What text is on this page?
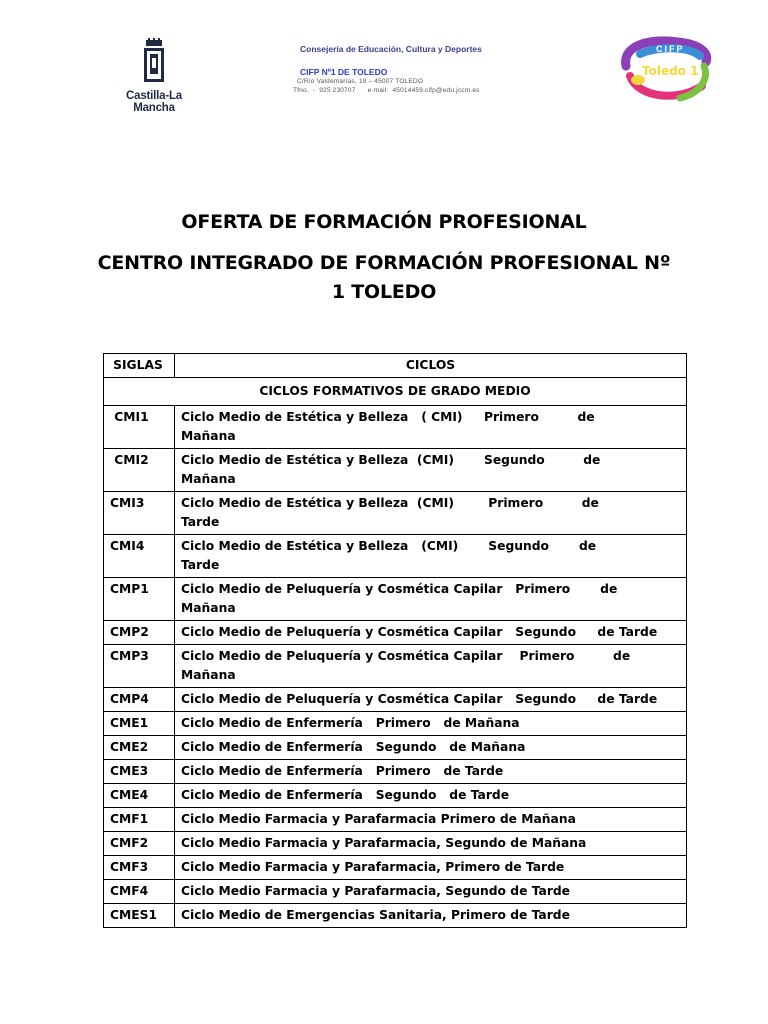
Castilla-La Mancha
Consejería de Educación, Cultura y Deportes
CIFP Nº1 DE TOLEDO
C/Río Valdemarías, 19 – 45007 TOLEDO
Tfno.  -  925 230707      e-mail:  45014459.cifp@edu.jccm.es
CIFP
Toledo 1
OFERTA DE FORMACIÓN PROFESIONAL
CENTRO INTEGRADO DE FORMACIÓN PROFESIONAL Nº
1 TOLEDO
SIGLAS	CICLOS
CICLOS FORMATIVOS DE GRADO MEDIO	
CMI1	Ciclo Medio de Estética y Belleza   ( CMI)     Primero         de          Mañana
CMI2	Ciclo Medio de Estética y Belleza  (CMI)       Segundo         de          Mañana
CMI3	Ciclo Medio de Estética y Belleza  (CMI)        Primero         de           Tarde
CMI4	Ciclo Medio de Estética y Belleza   (CMI)       Segundo       de             Tarde
CMP1	Ciclo Medio de Peluquería y Cosmética Capilar   Primero       de
Mañana
CMP2	Ciclo Medio de Peluquería y Cosmética Capilar   Segundo     de Tarde
CMP3	Ciclo Medio de Peluquería y Cosmética Capilar    Primero         de
Mañana
CMP4	Ciclo Medio de Peluquería y Cosmética Capilar   Segundo     de Tarde
CME1	Ciclo Medio de Enfermería   Primero   de Mañana
CME2	Ciclo Medio de Enfermería   Segundo   de Mañana
CME3	Ciclo Medio de Enfermería   Primero   de Tarde
CME4	Ciclo Medio de Enfermería   Segundo   de Tarde
CMF1	Ciclo Medio Farmacia y Parafarmacia Primero de Mañana
CMF2	Ciclo Medio Farmacia y Parafarmacia, Segundo de Mañana
CMF3	Ciclo Medio Farmacia y Parafarmacia, Primero de Tarde
CMF4	Ciclo Medio Farmacia y Parafarmacia, Segundo de Tarde
CMES1	Ciclo Medio de Emergencias Sanitaria, Primero de Tarde
